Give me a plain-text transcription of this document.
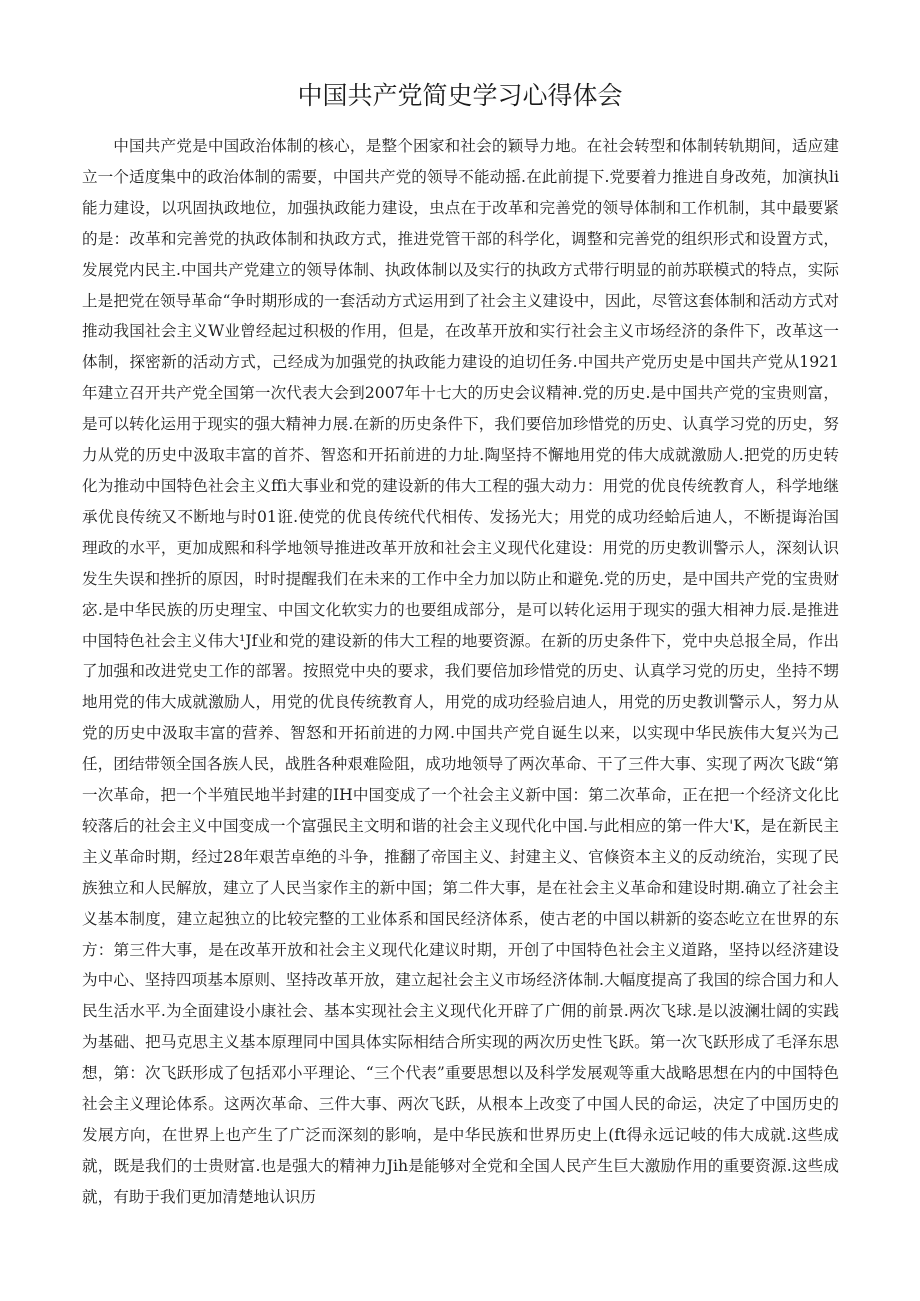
中国共产党简史学习心得体会

中国共产党是中国政治体制的核心，是整个困家和社会的颖导力地。在社会转型和体制转轨期间，适应建立一个适度集中的政治体制的需要，中国共产党的领导不能动摇.在此前提下.党要着力推进自身改苑，加演执li能力建设，以巩固执政地位，加强执政能力建设，虫点在于改革和完善党的领导体制和工作机制，其中最要紧的是：改革和完善党的执政体制和执政方式，推进党管干部的科学化，调整和完善党的组织形式和设置方式，发展党内民主.中国共产党建立的领导体制、执政体制以及实行的执政方式带行明显的前苏联模式的特点，实际上是把党在领导革命“争时期形成的一套活动方式运用到了社会主义建设中，因此，尽管这套体制和活动方式对推动我国社会主义W业曾经起过积极的作用，但是，在改革开放和实行社会主义市场经济的条件下，改革这一体制，探密新的活动方式，己经成为加强党的执政能力建设的迫切任务.中国共产党历史是中国共产党从1921年建立召开共产党全国第一次代表大会到2007年十七大的历史会议精神.党的历史.是中国共产党的宝贵则富，是可以转化运用于现实的强大精神力展.在新的历史条件下，我们要倍加珍惜党的历史、认真学习党的历史，努力从党的历史中汲取丰富的首芥、智恣和开拓前进的力址.陶坚持不懈地用党的伟大成就激励人.把党的历史转化为推动中国特色社会主义ffi大事业和党的建设新的伟大工程的强大动力：用党的优良传统教育人，科学地继承优良传统又不断地与时01诳.使党的优良传统代代相传、发扬光大；用党的成功经蛤后迪人，不断提诲治国理政的水平，更加成熙和科学地领导推进改革开放和社会主义现代化建设：用党的历史教训警示人，深刻认识发生失误和挫折的原因，时时提醒我们在未来的工作中全力加以防止和避免.党的历史，是中国共产党的宝贵财宓.是中华民族的历史理宝、中国文化软实力的也要组成部分，是可以转化运用于现实的强大相神力辰.是推进中国特色社会主义伟大¹Jf业和党的建设新的伟大工程的地要资源。在新的历史条件下，党中央总报全局，作出了加强和改进党史工作的部署。按照党中央的要求，我们要倍加珍惜党的历史、认真学习党的历史，坐持不甥地用党的伟大成就激励人，用党的优良传统教育人，用党的成功经验启迪人，用党的历史教训警示人，努力从党的历史中汲取丰富的营养、智怒和开拓前进的力网.中国共产党自诞生以来，以实现中华民族伟大复兴为己任，团结带领全国各族人民，战胜各种艰难险阻，成功地领导了两次革命、干了三件大事、实现了两次飞跋“第一次革命，把一个半殖民地半封建的IH中国变成了一个社会主义新中国：第二次革命，正在把一个经济文化比较落后的社会主义中国变成一个富强民主文明和谐的社会主义现代化中国.与此相应的第一件大'K，是在新民主主义革命时期，经过28年艰苦卓绝的斗争，推翻了帝国主义、封建主义、官倏资本主义的反动统治，实现了民族独立和人民解放，建立了人民当家作主的新中国；第二件大事，是在社会主义革命和建设时期.确立了社会主义基本制度，建立起独立的比较完整的工业体系和国民经济体系，使古老的中国以耕新的姿态屹立在世界的东方：第三件大事，是在改革开放和社会主义现代化建议时期，开创了中国特色社会主义道路，坚持以经济建设为中心、坚持四项基本原则、坚持改革开放，建立起社会主义市场经济体制.大幅度提高了我国的综合国力和人民生活水平.为全面建设小康社会、基本实现社会主义现代化开辟了广佣的前景.两次飞球.是以波澜壮阔的实践为基础、把马克思主义基本原理同中国具体实际相结合所实现的两次历史性飞跃。第一次飞跃形成了毛泽东思想，第：次飞跃形成了包括邓小平理论、“三个代表”重要思想以及科学发展观等重大战略思想在内的中国特色社会主义理论体系。这两次革命、三件大事、两次飞跃，从根本上改变了中国人民的命运，决定了中国历史的发展方向，在世界上也产生了广泛而深刻的影响，是中华民族和世界历史上(ft得永远记岐的伟大成就.这些成就，既是我们的士贵财富.也是强大的精神力Jih是能够对全党和全国人民产生巨大激励作用的重要资源.这些成就，有助于我们更加清楚地认识历
